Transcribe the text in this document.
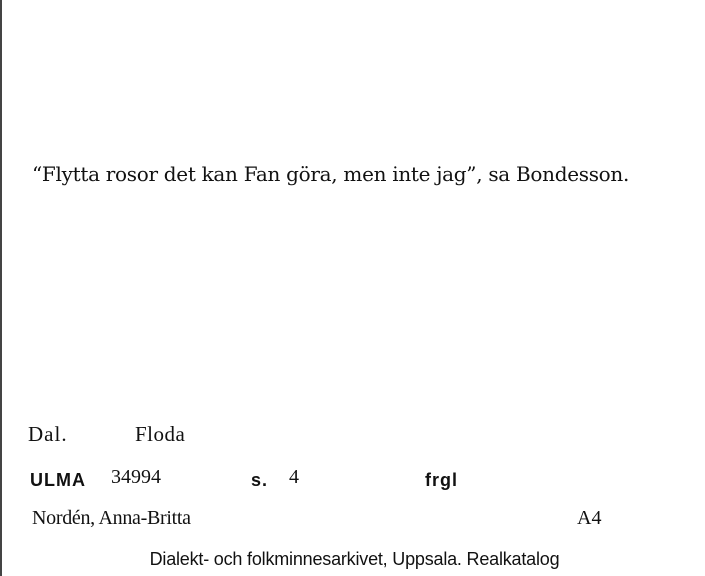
“Flytta rosor det kan Fan göra, men inte jag”, sa Bondesson.
Dal.	Floda
ULMA 34994	s. 4	frgl
Nordén, Anna-Britta	A4
Dialekt- och folkminnesarkivet, Uppsala. Realkatalog
